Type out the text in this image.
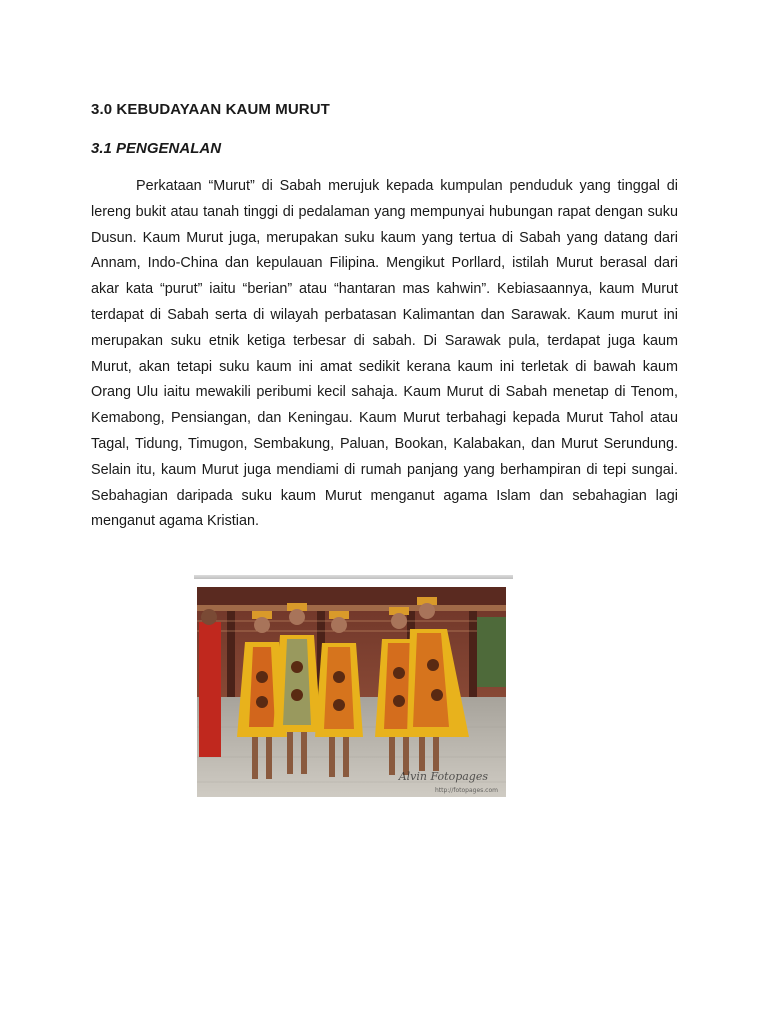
3.0 KEBUDAYAAN KAUM MURUT
3.1 PENGENALAN

Perkataan “Murut” di Sabah merujuk kepada kumpulan penduduk yang tinggal di lereng bukit atau tanah tinggi di pedalaman yang mempunyai hubungan rapat dengan suku Dusun. Kaum Murut juga, merupakan suku kaum yang tertua di Sabah yang datang dari Annam, Indo-China dan kepulauan Filipina. Mengikut Porllard, istilah Murut berasal dari akar kata “purut” iaitu “berian” atau “hantaran mas kahwin”. Kebiasaannya, kaum Murut terdapat di Sabah serta di wilayah perbatasan Kalimantan dan Sarawak. Kaum murut ini merupakan suku etnik ketiga terbesar di sabah. Di Sarawak pula, terdapat juga kaum Murut, akan tetapi suku kaum ini amat sedikit kerana kaum ini terletak di bawah kaum Orang Ulu iaitu mewakili peribumi kecil sahaja. Kaum Murut di Sabah menetap di Tenom, Kemabong, Pensiangan, dan Keningau. Kaum Murut terbahagi kepada Murut Tahol atau Tagal, Tidung, Timugon, Sembakung, Paluan, Bookan, Kalabakan, dan Murut Serundung. Selain itu, kaum Murut juga mendiami di rumah panjang yang berhampiran di tepi sungai. Sebahagian daripada suku kaum Murut menganut agama Islam dan sebahagian lagi menganut agama Kristian.

Alvin Fotopages
http://fotopages.com
